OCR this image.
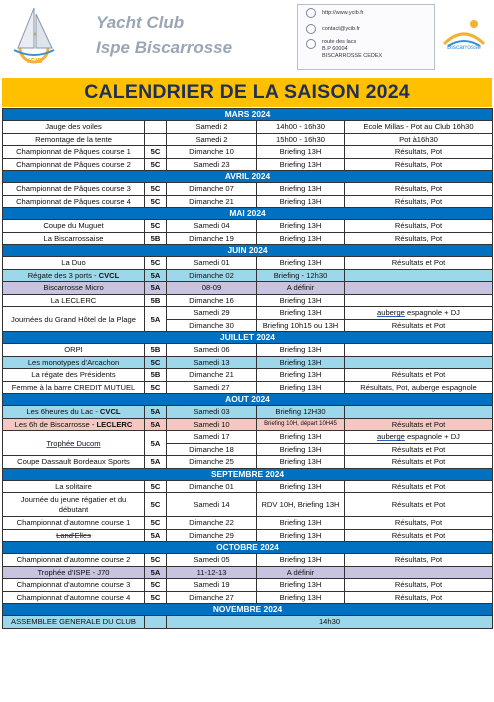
YCIB
Yacht Club
Ispe Biscarrosse
http://www.ycib.fr
contact@ycib.fr
route des lacs
B.P 60004
BISCARROSSE CEDEX
Biscarrosse
CALENDRIER DE LA SAISON 2024
MARS 2024				
Jauge des voiles		Samedi 2	14h00 - 16h30	Ecole Millas - Pot au Club 16h30
Remontage de la tente		Samedi 2	15h00 - 16h30	Pot à16h30
Championnat de Pâques course 1	5C	Dimanche 10	Briefing 13H	Résultats, Pot
Championnat de Pâques course 2	5C	Samedi 23	Briefing 13H	Résultats, Pot
AVRIL 2024				
Championnat de Pâques course 3	5C	Dimanche 07	Briefing 13H	Résultats, Pot
Championnat de Pâques course 4	5C	Dimanche 21	Briefing 13H	Résultats, Pot
MAI 2024				
Coupe du Muguet	5C	Samedi 04	Briefing 13H	Résultats, Pot
La Biscarrossaise	5B	Dimanche 19	Briefing 13H	Résultats, Pot
JUIN 2024				
La Duo	5C	Samedi 01	Briefing 13H	Résultats et Pot
Régate des 3 ports - CVCL	5A	Dimanche 02	Briefing - 12h30	
Biscarrosse Micro	5A	08-09	A définir	
La LECLERC	5B	Dimanche 16	Briefing 13H	
Journées du Grand Hôtel de la Plage	5A	Samedi 29	Briefing 13H	auberge espagnole + DJ
		Dimanche 30	Briefing 10h15 ou 13H	Résultats et Pot
JUILLET 2024				
ORPI	5B	Samedi 06	Briefing 13H	
Les monotypes d'Arcachon	5C	Samedi 13	Briefing 13H	
La régate des Présidents	5B	Dimanche 21	Briefing 13H	Résultats et Pot
Femme à la barre CREDIT MUTUEL	5C	Samedi 27	Briefing 13H	Résultats, Pot, auberge espagnole
AOUT 2024				
Les 6heures du Lac - CVCL	5A	Samedi 03	Briefing 12H30	
Les 6h de Biscarrosse - LECLERC	5A	Samedi 10	Briefing 10H, départ 10H45	Résultats et Pot
Trophée Ducom	5A	Samedi 17	Briefing 13H	auberge espagnole + DJ
		Dimanche 18	Briefing 13H	Résultats et Pot
Coupe Dassault Bordeaux Sports	5A	Dimanche 25	Briefing 13H	Résultats et Pot
SEPTEMBRE 2024				
La solitaire	5C	Dimanche 01	Briefing 13H	Résultats et Pot
Journée du jeune régatier et du débutant	5C	Samedi 14	RDV 10H, Briefing 13H	Résultats et Pot
Championnat d'automne course 1	5C	Dimanche 22	Briefing 13H	Résultats, Pot
Land'Elles	5A	Dimanche 29	Briefing 13H	Résultats et Pot
OCTOBRE 2024				
Championnat d'automne course 2	5C	Samedi 05	Briefing 13H	Résultats, Pot
Trophée d'ISPE - J70	5A	11-12-13	A définir	
Championnat d'automne course 3	5C	Samedi 19	Briefing 13H	Résultats, Pot
Championnat d'automne course 4	5C	Dimanche 27	Briefing 13H	Résultats, Pot
NOVEMBRE 2024				
ASSEMBLEE GENERALE DU CLUB		14h30		
